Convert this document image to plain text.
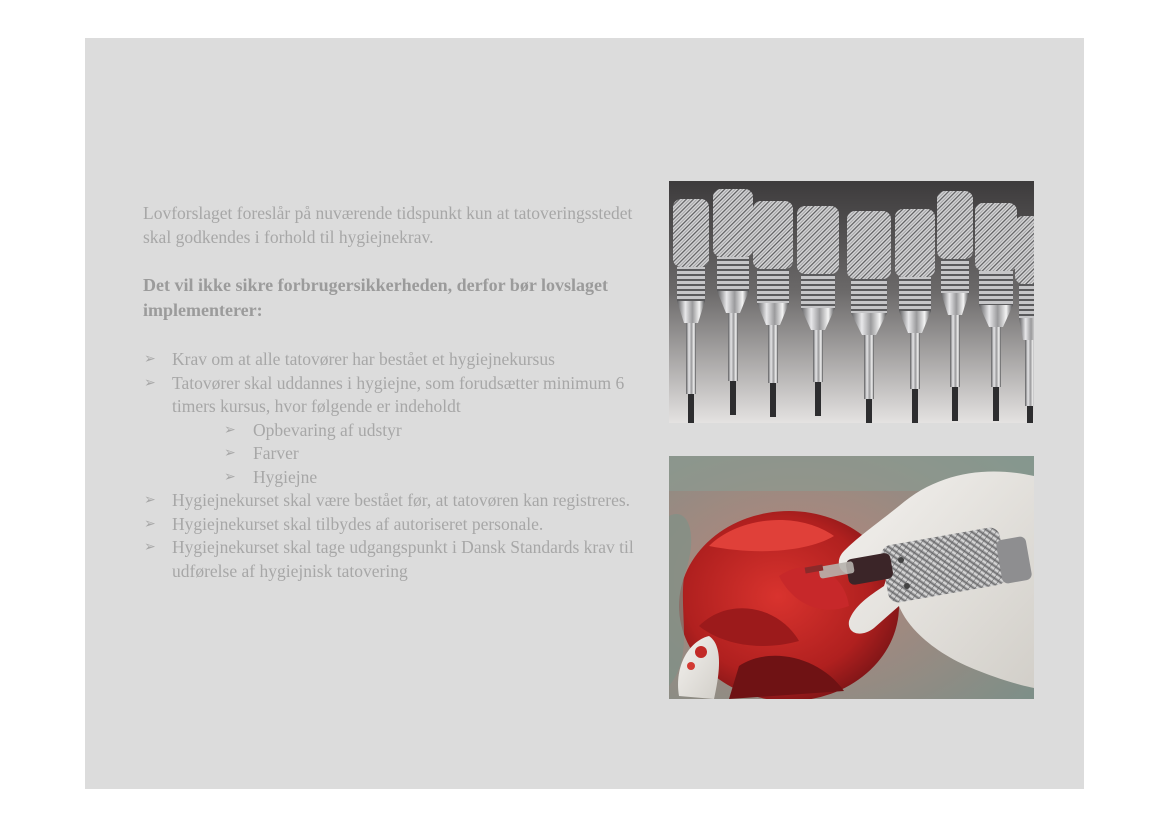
Lovforslaget foreslår på nuværende tidspunkt kun at tatoveringsstedet skal godkendes i forhold til hygiejnekrav.

Det vil ikke sikre forbrugersikkerheden, derfor bør lovslaget implementerer:

➢ Krav om at alle tatovører har bestået et hygiejnekursus
➢ Tatovører skal uddannes i hygiejne, som forudsætter minimum 6 timers kursus, hvor følgende er indeholdt
➢ Opbevaring af udstyr
➢ Farver
➢ Hygiejne
➢ Hygiejnekurset skal være bestået før, at tatovøren kan registreres.
➢ Hygiejnekurset skal tilbydes af autoriseret personale.
➢ Hygiejnekurset skal tage udgangspunkt i Dansk Standards krav til udførelse af hygiejnisk tatovering
